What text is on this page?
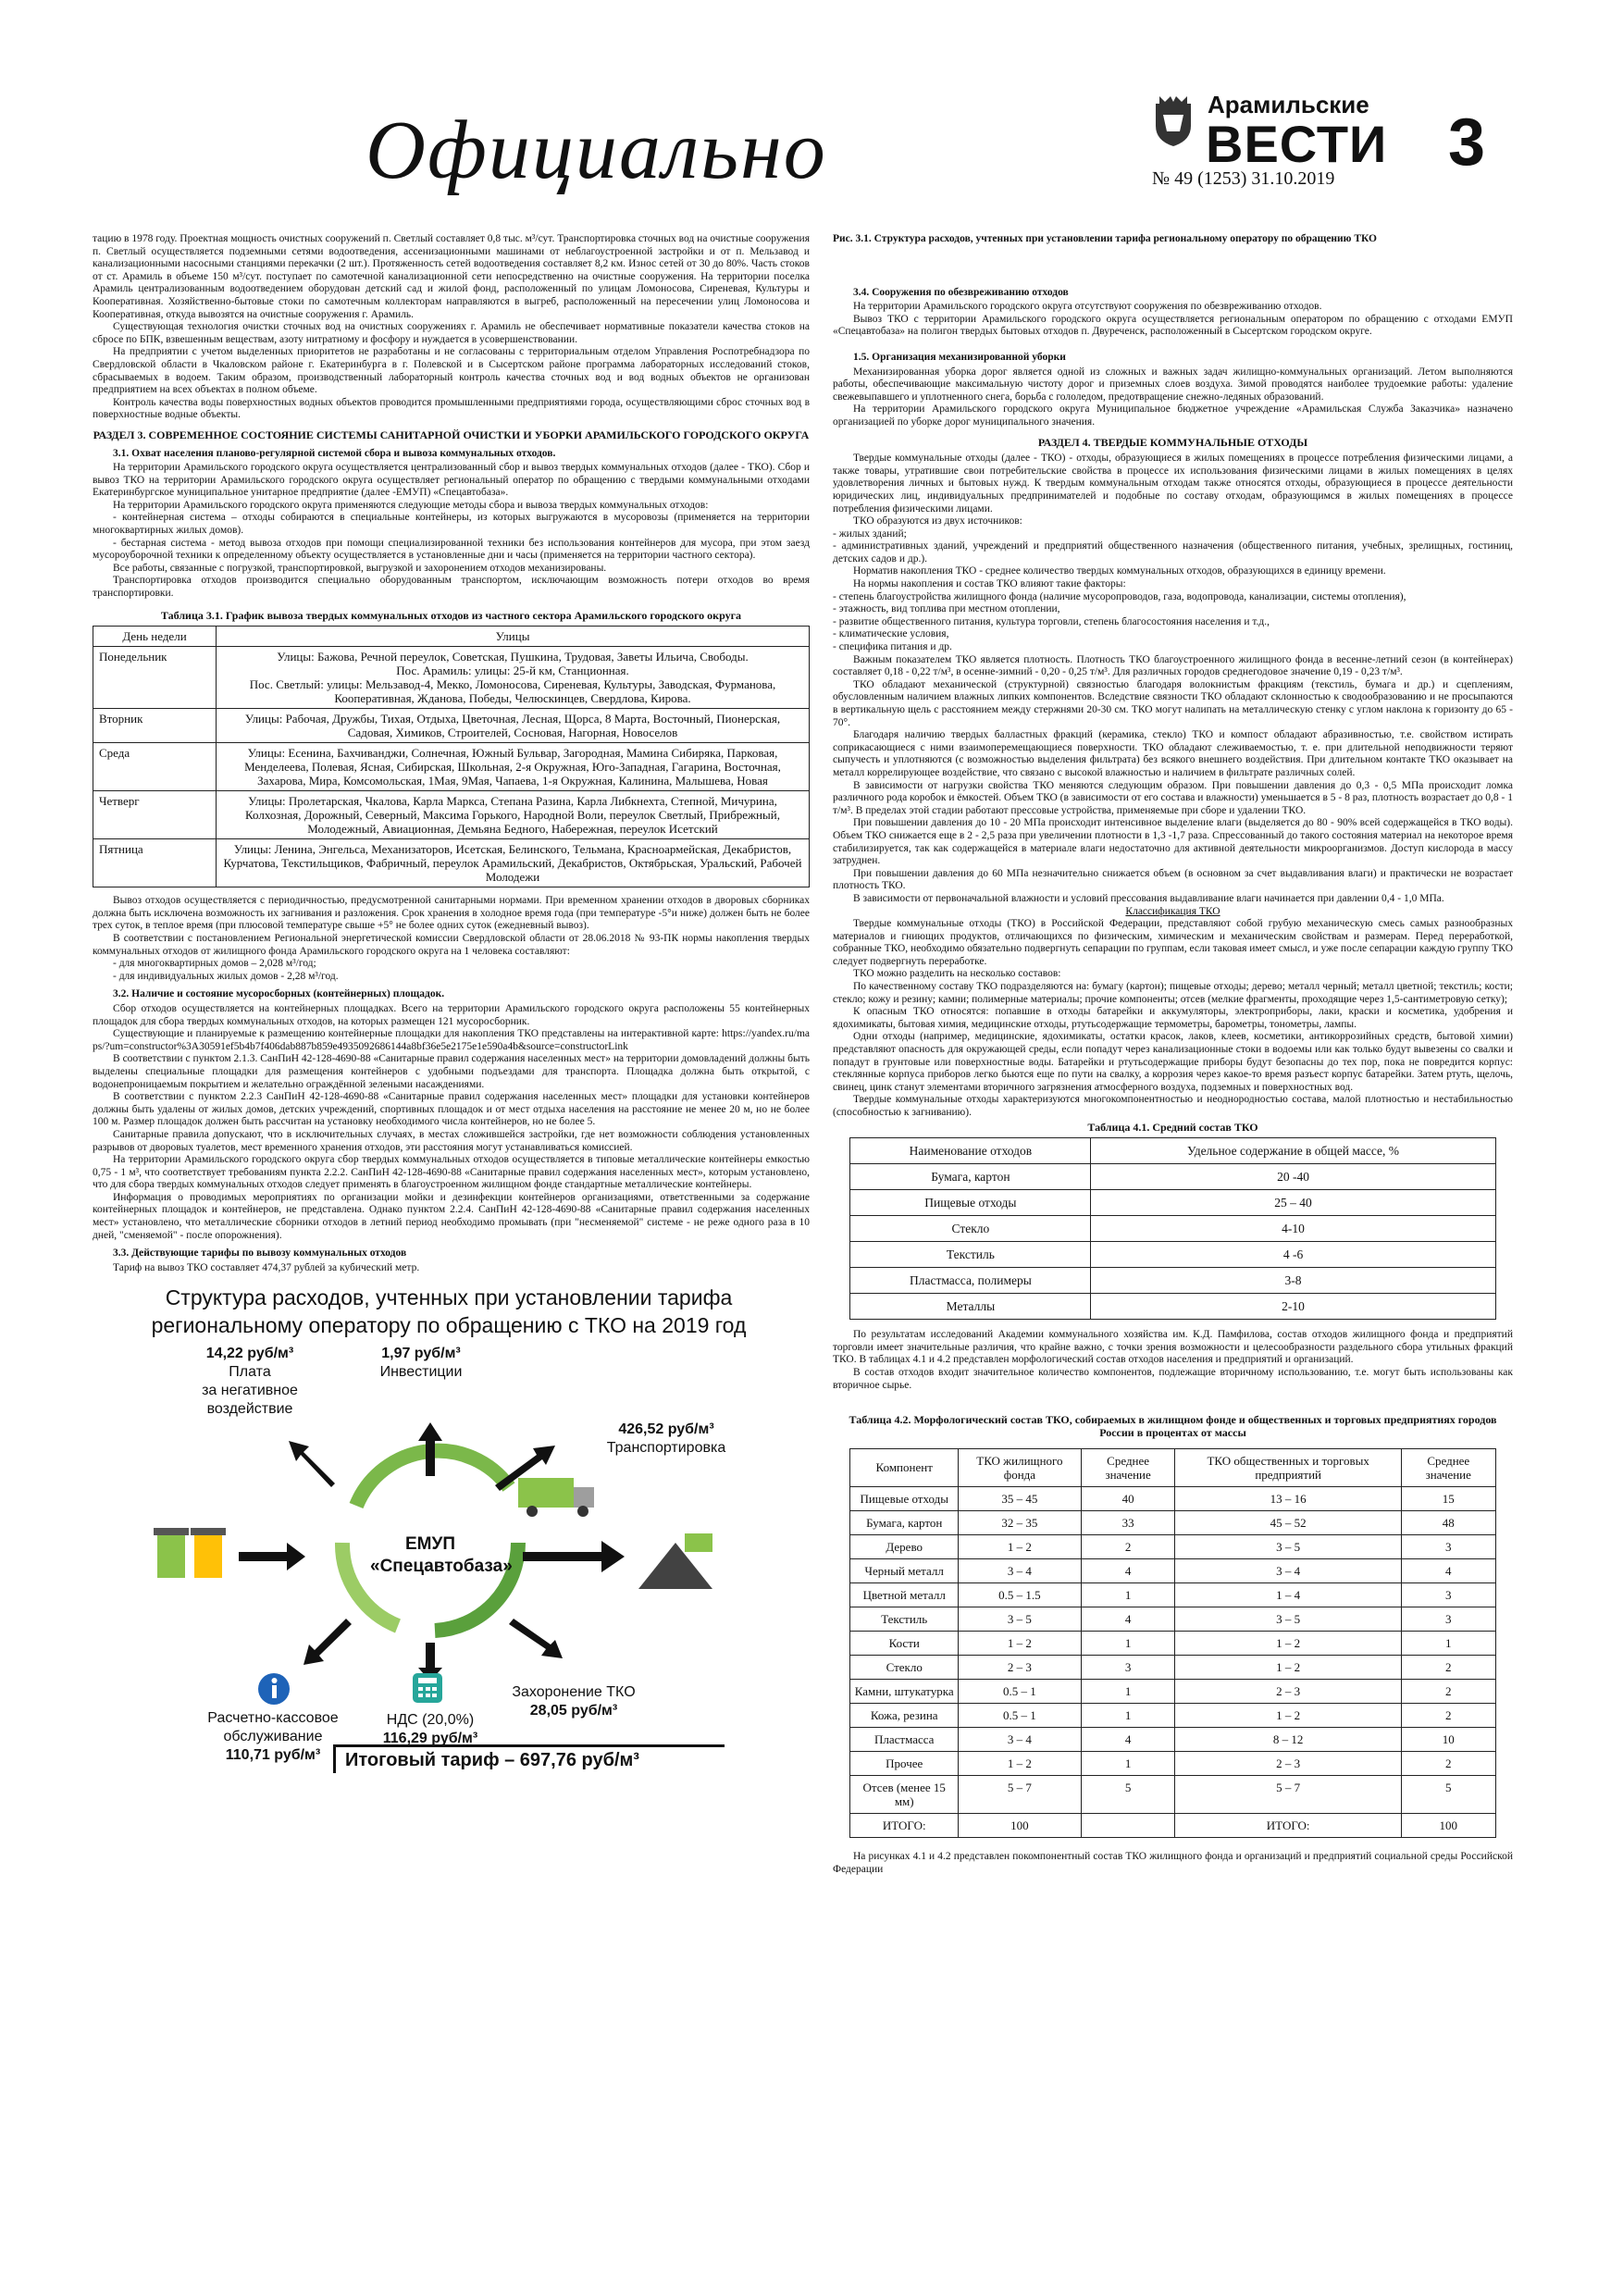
Официально	Арамильские
ВЕСТИ
№ 49 (1253) 31.10.2019 3

тацию в 1978 году. Проектная мощность очистных сооружений п. Светлый составляет 0,8 тыс. м³/сут. Транспортировка сточных вод на очистные сооружения п. Светлый осуществляется подземными сетями водоотведения, ассенизационными машинами от неблагоустроенной застройки и от п. Мельзавод и канализационными насосными станциями перекачки (2 шт.). Протяженность сетей водоотведения составляет 8,2 км. Износ сетей от 30 до 80%. Часть стоков от ст. Арамиль в объеме 150 м³/сут. поступает по самотечной канализационной сети непосредственно на очистные сооружения. На территории поселка Арамиль централизованным водоотведением оборудован детский сад и жилой фонд, расположенный по улицам Ломоносова, Сиреневая, Культуры и Кооперативная. Хозяйственно-бытовые стоки по самотечным коллекторам направляются в выгреб, расположенный на пересечении улиц Ломоносова и Кооперативная, откуда вывозятся на очистные сооружения г. Арамиль.

Существующая технология очистки сточных вод на очистных сооружениях г. Арамиль не обеспечивает нормативные показатели качества стоков на сбросе по БПК, взвешенным веществам, азоту нитратному и фосфору и нуждается в усовершенствовании.

На предприятии с учетом выделенных приоритетов не разработаны и не согласованы с территориальным отделом Управления Роспотребнадзора по Свердловской области в Чкаловском районе г. Екатеринбурга в г. Полевской и в Сысертском районе программа лабораторных исследований стоков, сбрасываемых в водоем. Таким образом, производственный лабораторный контроль качества сточных вод и вод водных объектов не организован предприятием на всех объектах в полном объеме.

Контроль качества воды поверхностных водных объектов проводится промышленными предприятиями города, осуществляющими сброс сточных вод в поверхностные водные объекты.

РАЗДЕЛ 3. СОВРЕМЕННОЕ СОСТОЯНИЕ СИСТЕМЫ САНИТАРНОЙ ОЧИСТКИ И УБОРКИ АРАМИЛЬСКОГО ГОРОДСКОГО ОКРУГА
3.1. Охват населения планово-регулярной системой сбора и вывоза коммунальных отходов.

На территории Арамильского городского округа осуществляется централизованный сбор и вывоз твердых коммунальных отходов (далее - ТКО). Сбор и вывоз ТКО на территории Арамильского городского округа осуществляет региональный оператор по обращению с твердыми коммунальными отходами Екатеринбургское муниципальное унитарное предприятие (далее -ЕМУП) «Спецавтобаза».

На территории Арамильского городского округа применяются следующие методы сбора и вывоза твердых коммунальных отходов:

- контейнерная система – отходы собираются в специальные контейнеры, из которых выгружаются в мусоровозы (применяется на территории многоквартирных жилых домов).

- бестарная система - метод вывоза отходов при помощи специализированной техники без использования контейнеров для мусора, при этом заезд мусороуборочной техники к определенному объекту осуществляется в установленные дни и часы (применяется на территории частного сектора).

Все работы, связанные с погрузкой, транспортировкой, выгрузкой и захоронением отходов механизированы.

Транспортировка отходов производится специально оборудованным транспортом, исключающим возможность потери отходов во время транспортировки.

Таблица 3.1. График вывоза твердых коммунальных отходов из частного сектора Арамильского городского округа
День недели	Улицы
Понедельник	Улицы: Бажова, Речной переулок, Советская, Пушкина, Трудовая, Заветы Ильича, Свободы.
Пос. Арамиль: улицы: 25-й км, Станционная.
Пос. Светлый: улицы: Мельзавод-4, Мекко, Ломоносова, Сиреневая, Культуры, Заводская, Фурманова, Кооперативная, Жданова, Победы, Челюскинцев, Свердлова, Кирова.

Вторник	Улицы: Рабочая, Дружбы, Тихая, Отдыха, Цветочная, Лесная, Щорса, 8 Марта, Восточный, Пионерская, Садовая, Химиков, Строителей, Сосновая, Нагорная, Новоселов
Среда	Улицы: Есенина, Бахчиванджи, Солнечная, Южный Бульвар, Загородная, Мамина Сибиряка, Парковая, Менделеева, Полевая, Ясная, Сибирская, Школьная, 2-я Окружная, Юго-Западная, Гагарина, Восточная, Захарова, Мира, Комсомольская, 1Мая, 9Мая, Чапаева, 1-я Окружная, Калинина, Малышева, Новая
Четверг	Улицы: Пролетарская, Чкалова, Карла Маркса, Степана Разина, Карла Либкнехта, Степной, Мичурина, Колхозная, Дорожный, Северный, Максима Горького, Народной Воли, переулок Светлый, Прибрежный, Молодежный, Авиационная, Демьяна Бедного, Набережная, переулок Исетский
Пятница	Улицы: Ленина, Энгельса, Механизаторов, Исетская, Белинского, Тельмана, Красноармейская, Декабристов, Курчатова, Текстильщиков, Фабричный, переулок Арамильский, Декабристов, Октябрьская, Уральский, Рабочей Молодежи

Вывоз отходов осуществляется с периодичностью, предусмотренной санитарными нормами. При временном хранении отходов в дворовых сборниках должна быть исключена возможность их загнивания и разложения. Срок хранения в холодное время года (при температуре -5°и ниже) должен быть не более трех суток, в теплое время (при плюсовой температуре свыше +5° не более одних суток (ежедневный вывоз).

В соответствии с постановлением Региональной энергетической комиссии Свердловской области от 28.06.2018 № 93-ПК нормы накопления твердых коммунальных отходов от жилищного фонда Арамильского городского округа на 1 человека составляют:

- для многоквартирных домов – 2,028 м³/год;

- для индивидуальных жилых домов - 2,28 м³/год.

3.2. Наличие и состояние мусоросборных (контейнерных) площадок.

Сбор отходов осуществляется на контейнерных площадках. Всего на территории Арамильского городского округа расположены 55 контейнерных площадок для сбора твердых коммунальных отходов, на которых размещен 121 мусоросборник.

Существующие и планируемые к размещению контейнерные площадки для накопления ТКО представлены на интерактивной карте: https://yandex.ru/maps/?um=constructor%3A30591ef5b4b7f406dab887b859e4935092686144a8bf36e5e2175e1e590a4b&source=constructorLink

В соответствии с пунктом 2.1.3. СанПиН 42-128-4690-88 «Санитарные правил содержания населенных мест» на территории домовладений должны быть выделены специальные площадки для размещения контейнеров с удобными подъездами для транспорта. Площадка должна быть открытой, с водонепроницаемым покрытием и желательно ограждённой зелеными насаждениями.

В соответствии с пунктом 2.2.3 СанПиН 42-128-4690-88 «Санитарные правил содержания населенных мест» площадки для установки контейнеров должны быть удалены от жилых домов, детских учреждений, спортивных площадок и от мест отдыха населения на расстояние не менее 20 м, но не более 100 м. Размер площадок должен быть рассчитан на установку необходимого числа контейнеров, но не более 5.

Санитарные правила допускают, что в исключительных случаях, в местах сложившейся застройки, где нет возможности соблюдения установленных разрывов от дворовых туалетов, мест временного хранения отходов, эти расстояния могут устанавливаться комиссией.

На территории Арамильского городского округа сбор твердых коммунальных отходов осуществляется в типовые металлические контейнеры емкостью 0,75 - 1 м³, что соответствует требованиям пункта 2.2.2. СанПиН 42-128-4690-88 «Санитарные правил содержания населенных мест», которым установлено, что для сбора твердых коммунальных отходов следует применять в благоустроенном жилищном фонде стандартные металлические контейнеры.

Информация о проводимых мероприятиях по организации мойки и дезинфекции контейнеров организациями, ответственными за содержание контейнерных площадок и контейнеров, не представлена. Однако пунктом 2.2.4. СанПиН 42-128-4690-88 «Санитарные правил содержания населенных мест» установлено, что металлические сборники отходов в летний период необходимо промывать (при "несменяемой" системе - не реже одного раза в 10 дней, "сменяемой" - после опорожнения).

3.3. Действующие тарифы по вывозу коммунальных отходов

Тариф на вывоз ТКО составляет 474,37 рублей за кубический метр.

Структура расходов, учтенных при установлении тарифа
региональному оператору по обращению с ТКО на 2019 год
14,22 руб/м³
Плата
за негативное
воздействие
1,97 руб/м³
Инвестиции
426,52 руб/м³
Транспортировка
ЕМУП
«Спецавтобаза»
Расчетно-кассовое
обслуживание
110,71 руб/м³
НДС (20,0%)
116,29 руб/м³
Захоронение ТКО
28,05 руб/м³
Итоговый тариф – 697,76 руб/м³

Рис. 3.1. Структура расходов, учтенных при установлении тарифа региональному оператору по обращению ТКО

3.4. Сооружения по обезвреживанию отходов

На территории Арамильского городского округа отсутствуют сооружения по обезвреживанию отходов.

Вывоз ТКО с территории Арамильского городского округа осуществляется региональным оператором по обращению с отходами ЕМУП «Спецавтобаза» на полигон твердых бытовых отходов п. Двуреченск, расположенный в Сысертском городском округе.

1.5. Организация механизированной уборки

Механизированная уборка дорог является одной из сложных и важных задач жилищно-коммунальных организаций. Летом выполняются работы, обеспечивающие максимальную чистоту дорог и приземных слоев воздуха. Зимой проводятся наиболее трудоемкие работы: удаление свежевыпавшего и уплотненного снега, борьба с гололедом, предотвращение снежно-ледяных образований.

На территории Арамильского городского округа Муниципальное бюджетное учреждение «Арамильская Служба Заказчика» назначено организацией по уборке дорог муниципального значения.

РАЗДЕЛ 4. ТВЕРДЫЕ КОММУНАЛЬНЫЕ ОТХОДЫ

Твердые коммунальные отходы (далее - ТКО) - отходы, образующиеся в жилых помещениях в процессе потребления физическими лицами, а также товары, утратившие свои потребительские свойства в процессе их использования физическими лицами в жилых помещениях в целях удовлетворения личных и бытовых нужд. К твердым коммунальным отходам также относятся отходы, образующиеся в процессе деятельности юридических лиц, индивидуальных предпринимателей и подобные по составу отходам, образующимся в жилых помещениях в процессе потребления физическими лицами.

ТКО образуются из двух источников:

- жилых зданий;

- административных зданий, учреждений и предприятий общественного назначения (общественного питания, учебных, зрелищных, гостиниц, детских садов и др.).

Норматив накопления ТКО - среднее количество твердых коммунальных отходов, образующихся в единицу времени.

На нормы накопления и состав ТКО влияют такие факторы:

- степень благоустройства жилищного фонда (наличие мусоропроводов, газа, водопровода, канализации, системы отопления),

- этажность, вид топлива при местном отоплении,

- развитие общественного питания, культура торговли, степень благосостояния населения и т.д.,

- климатические условия,

- специфика питания и др.

Важным показателем ТКО является плотность. Плотность ТКО благоустроенного жилищного фонда в весенне-летний сезон (в контейнерах) составляет 0,18 - 0,22 т/м³, в осенне-зимний - 0,20 - 0,25 т/м³. Для различных городов среднегодовое значение 0,19 - 0,23 т/м³.

ТКО обладают механической (структурной) связностью благодаря волокнистым фракциям (текстиль, бумага и др.) и сцеплениям, обусловленным наличием влажных липких компонентов. Вследствие связности ТКО обладают склонностью к сводообразованию и не просыпаются в вертикальную щель с расстоянием между стержнями 20-30 см. ТКО могут налипать на металлическую стенку с углом наклона к горизонту до 65 - 70°.

Благодаря наличию твердых балластных фракций (керамика, стекло) ТКО и компост обладают абразивностью, т.е. свойством истирать соприкасающиеся с ними взаимоперемещающиеся поверхности. ТКО обладают слеживаемостью, т. е. при длительной неподвижности теряют сыпучесть и уплотняются (с возможностью выделения фильтрата) без всякого внешнего воздействия. При длительном контакте ТКО оказывает на металл коррелирующее воздействие, что связано с высокой влажностью и наличием в фильтрате различных солей.

В зависимости от нагрузки свойства ТКО меняются следующим образом. При повышении давления до 0,3 - 0,5 МПа происходит ломка различного рода коробок и ёмкостей. Объем ТКО (в зависимости от его состава и влажности) уменьшается в 5 - 8 раз, плотность возрастает до 0,8 - 1 т/м³. В пределах этой стадии работают прессовые устройства, применяемые при сборе и удалении ТКО.

При повышении давления до 10 - 20 МПа происходит интенсивное выделение влаги (выделяется до 80 - 90% всей содержащейся в ТКО воды). Объем ТКО снижается еще в 2 - 2,5 раза при увеличении плотности в 1,3 -1,7 раза. Спрессованный до такого состояния материал на некоторое время стабилизируется, так как содержащейся в материале влаги недостаточно для активной деятельности микроорганизмов. Доступ кислорода в массу затруднен.

При повышении давления до 60 МПа незначительно снижается объем (в основном за счет выдавливания влаги) и практически не возрастает плотность ТКО.

В зависимости от первоначальной влажности и условий прессования выдавливание влаги начинается при давлении 0,4 - 1,0 МПа.

Классификация ТКО

Твердые коммунальные отходы (ТКО) в Российской Федерации, представляют собой грубую механическую смесь самых разнообразных материалов и гниющих продуктов, отличающихся по физическим, химическим и механическим свойствам и размерам. Перед переработкой, собранные ТКО, необходимо обязательно подвергнуть сепарации по группам, если таковая имеет смысл, и уже после сепарации каждую группу ТКО следует подвергнуть переработке.

ТКО можно разделить на несколько составов:

По качественному составу ТКО подразделяются на: бумагу (картон); пищевые отходы; дерево; металл черный; металл цветной; текстиль; кости; стекло; кожу и резину; камни; полимерные материалы; прочие компоненты; отсев (мелкие фрагменты, проходящие через 1,5-сантиметровую сетку);

К опасным ТКО относятся: попавшие в отходы батарейки и аккумуляторы, электроприборы, лаки, краски и косметика, удобрения и ядохимикаты, бытовая химия, медицинские отходы, ртутьсодержащие термометры, барометры, тонометры, лампы.

Одни отходы (например, медицинские, ядохимикаты, остатки красок, лаков, клеев, косметики, антикоррозийных средств, бытовой химии) представляют опасность для окружающей среды, если попадут через канализационные стоки в водоемы или как только будут вывезены со свалки и попадут в грунтовые или поверхностные воды. Батарейки и ртутьсодержащие приборы будут безопасны до тех пор, пока не повредится корпус: стеклянные корпуса приборов легко бьются еще по пути на свалку, а коррозия через какое-то время разъест корпус батарейки. Затем ртуть, щелочь, свинец, цинк станут элементами вторичного загрязнения атмосферного воздуха, подземных и поверхностных вод.

Твердые коммунальные отходы характеризуются многокомпонентностью и неоднородностью состава, малой плотностью и нестабильностью (способностью к загниванию).

Таблица 4.1. Средний состав ТКО
Наименование отходов	Удельное содержание в общей массе, %
Бумага, картон	20 -40
Пищевые отходы	25 – 40
Стекло	4-10
Текстиль	4 -6
Пластмасса, полимеры	3-8
Металлы	2-10

По результатам исследований Академии коммунального хозяйства им. К.Д. Памфилова, состав отходов жилищного фонда и предприятий торговли имеет значительные различия, что крайне важно, с точки зрения возможности и целесообразности раздельного сбора утильных фракций ТКО. В таблицах 4.1 и 4.2 представлен морфологический состав отходов населения и предприятий и организаций.

В состав отходов входит значительное количество компонентов, подлежащие вторичному использованию, т.е. могут быть использованы как вторичное сырье.

Таблица 4.2. Морфологический состав ТКО, собираемых в жилищном фонде и общественных и торговых предприятиях городов России в процентах от массы
Компонент	ТКО жилищного фонда	Среднее значение	ТКО общественных и торговых предприятий	Среднее значение
Пищевые отходы	35 – 45	40	13 – 16	15
Бумага, картон	32 – 35	33	45 – 52	48
Дерево	1 – 2	2	3 – 5	3
Черный металл	3 – 4	4	3 – 4	4
Цветной металл	0.5 – 1.5	1	1 – 4	3
Текстиль	3 – 5	4	3 – 5	3
Кости	1 – 2	1	1 – 2	1
Стекло	2 – 3	3	1 – 2	2
Камни, штукатурка	0.5 – 1	1	2 – 3	2
Кожа, резина	0.5 – 1	1	1 – 2	2
Пластмасса	3 – 4	4	8 – 12	10
Прочее	1 – 2	1	2 – 3	2
Отсев (менее 15 мм)	5 – 7	5	5 – 7	5
ИТОГО:	100		ИТОГО:	100

На рисунках 4.1 и 4.2 представлен покомпонентный состав ТКО жилищного фонда и организаций и предприятий социальной среды Российской Федерации
